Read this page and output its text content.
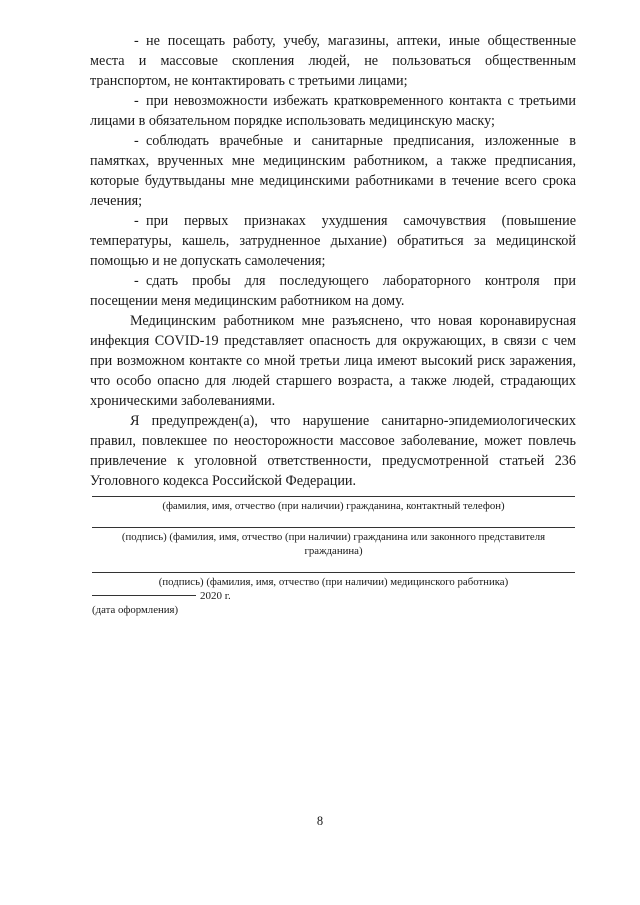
- не посещать работу, учебу, магазины, аптеки, иные общественные места и массовые скопления людей, не пользоваться общественным транспортом, не контактировать с третьими лицами;

- при невозможности избежать кратковременного контакта с третьими лицами в обязательном порядке использовать медицинскую маску;

- соблюдать врачебные и санитарные предписания, изложенные в памятках, врученных мне медицинским работником, а также предписания, которые будутвыданы мне медицинскими работниками в течение всего срока лечения;

- при первых признаках ухудшения самочувствия (повышение температуры, кашель, затрудненное дыхание) обратиться за медицинской помощью и не допускать самолечения;

- сдать пробы для последующего лабораторного контроля при посещении меня медицинским работником на дому.

Медицинским работником мне разъяснено, что новая коронавирусная инфекция COVID-19 представляет опасность для окружающих, в связи с чем при возможном контакте со мной третьи лица имеют высокий риск заражения, что особо опасно для людей старшего возраста, а также людей, страдающих хроническими заболеваниями.

Я предупрежден(а), что нарушение санитарно-эпидемиологических правил, повлекшее по неосторожности массовое заболевание, может повлечь привлечение к уголовной ответственности, предусмотренной статьей 236 Уголовного кодекса Российской Федерации.

(фамилия, имя, отчество (при наличии) гражданина, контактный телефон)
(подпись) (фамилия, имя, отчество (при наличии) гражданина или законного представителя гражданина)
(подпись) (фамилия, имя, отчество (при наличии) медицинского работника)
2020 г.
(дата оформления)
8
